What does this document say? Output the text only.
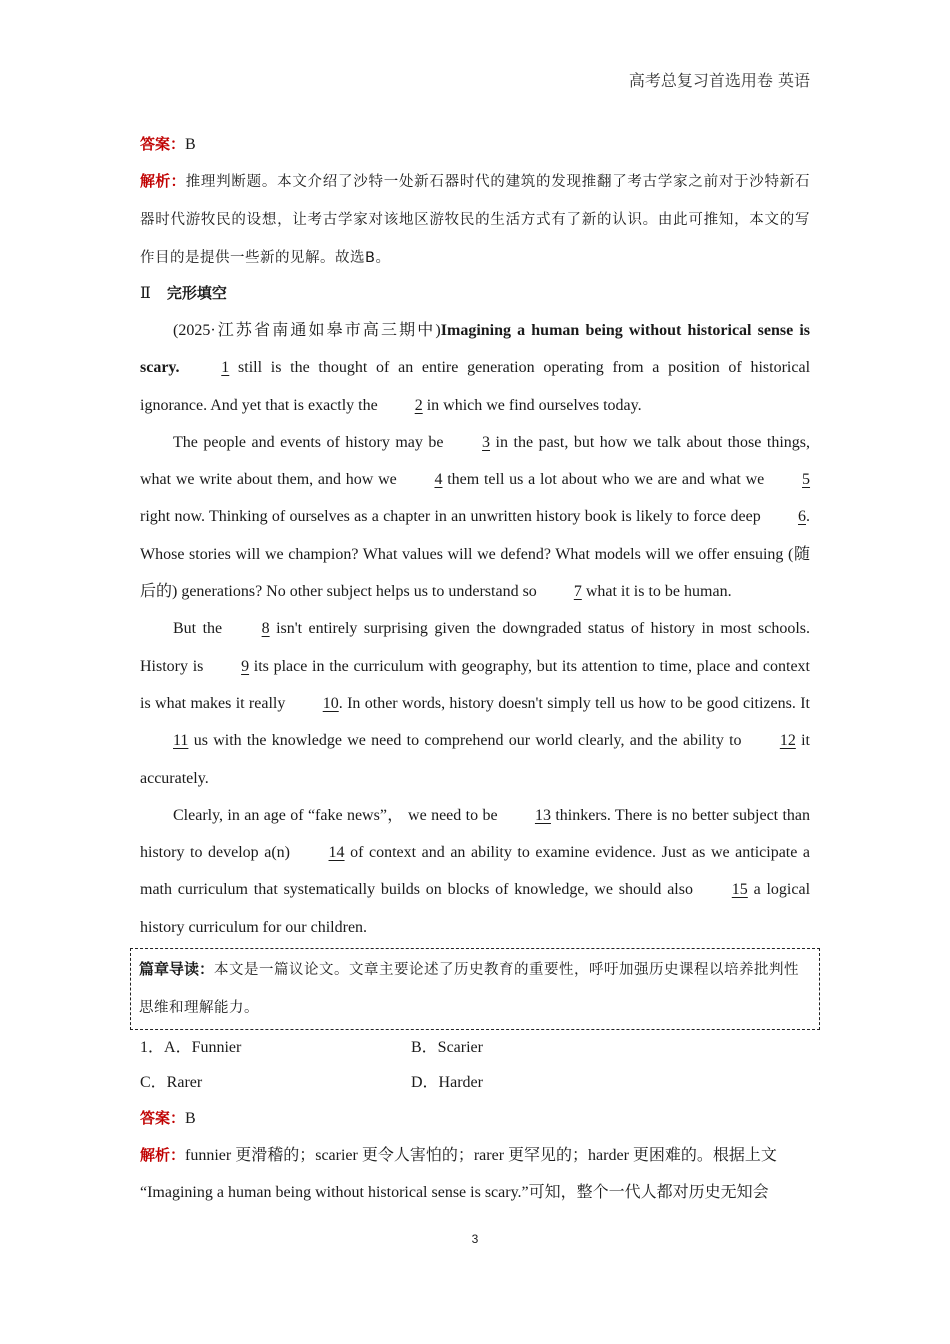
高考总复习首选用卷 英语

答案：B

解析：推理判断题。本文介绍了沙特一处新石器时代的建筑的发现推翻了考古学家之前对于沙特新石器时代游牧民的设想，让考古学家对该地区游牧民的生活方式有了新的认识。由此可推知，本文的写作目的是提供一些新的见解。故选B。

Ⅱ 完形填空

(2025·江苏省南通如皋市高三期中)Imagining a human being without historical sense is scary.	1 still is the thought of an entire generation operating from a position of historical ignorance. And yet that is exactly the 2 in which we find ourselves today.

The people and events of history may be 3 in the past, but how we talk about those things, what we write about them, and how we 4 them tell us a lot about who we are and what we 5 right now. Thinking of ourselves as a chapter in an unwritten history book is likely to force deep 6. Whose stories will we champion? What values will we defend? What models will we offer ensuing (随后的) generations? No other subject helps us to understand so 7 what it is to be human.

But the 8 isn't entirely surprising given the downgraded status of history in most schools. History is 9 its place in the curriculum with geography, but its attention to time, place and context is what makes it really 10. In other words, history doesn't simply tell us how to be good citizens. It 11 us with the knowledge we need to comprehend our world clearly, and the ability to 12 it accurately.

Clearly, in an age of “fake news”， we need to be 13 thinkers. There is no better subject than history to develop a(n) 14 of context and an ability to examine evidence. Just as we anticipate a math curriculum that systematically builds on blocks of knowledge, we should also 15 a logical history curriculum for our children.

篇章导读：本文是一篇议论文。文章主要论述了历史教育的重要性，呼吁加强历史课程以培养批判性思维和理解能力。

1．A．Funnier	B．Scarier
C．Rarer	D．Harder

答案：B

解析：funnier 更滑稽的；scarier 更令人害怕的；rarer 更罕见的；harder 更困难的。根据上文

“Imagining a human being without historical sense is scary.”可知，整个一代人都对历史无知会

3
